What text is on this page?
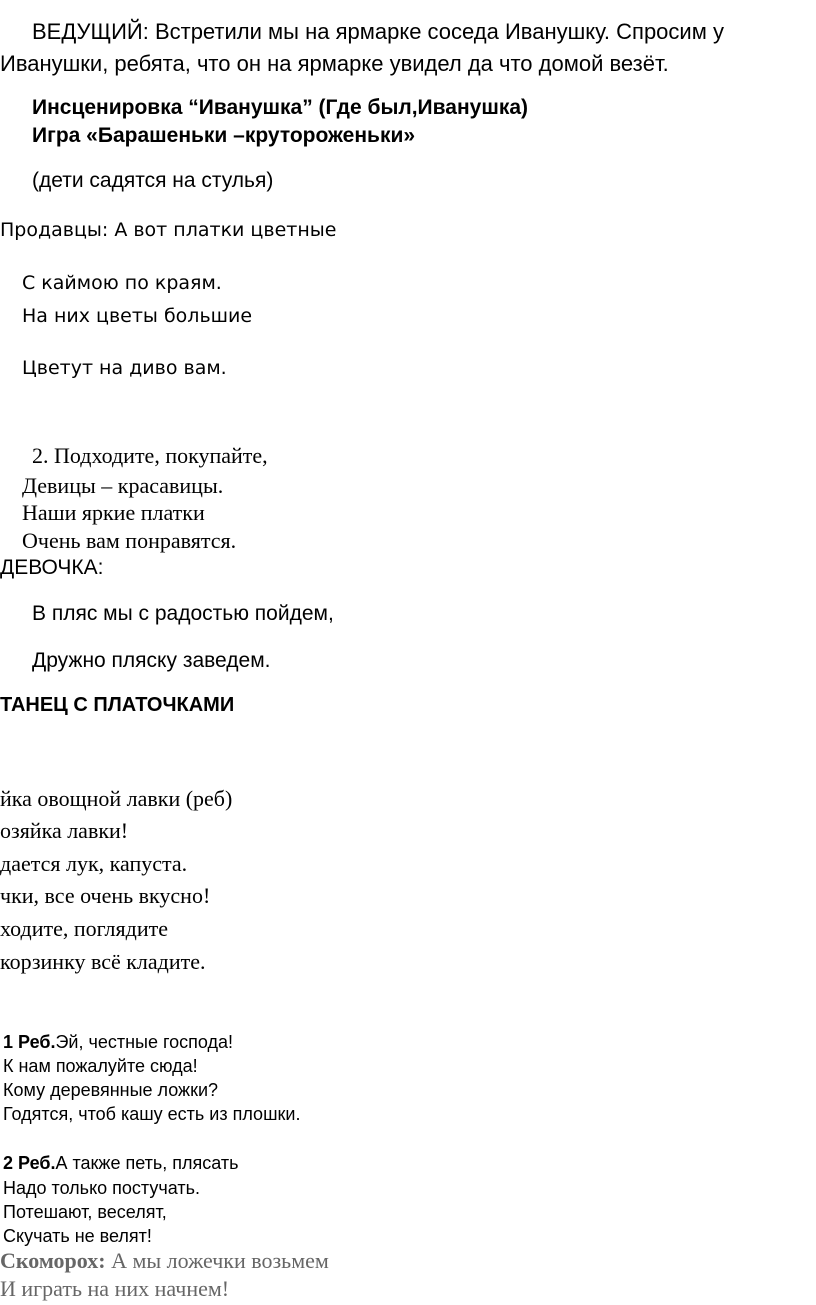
ВЕДУЩИЙ: Встретили мы на ярмарке соседа Иванушку. Спросим у

Иванушки, ребята, что он на ярмарке увидел да что домой везёт.

Инсценировка “Иванушка” (Где был,Иванушка)

Игра «Барашеньки –крутороженьки»

(дети садятся на стулья)

Продавцы: А вот платки цветные

С каймою по краям.

На них цветы большие

Цветут на диво вам.

2. Подходите, покупайте,

Девицы – красавицы.

Наши яркие платки

Очень вам понравятся.

ДЕВОЧКА:

В пляс мы с радостью пойдем,

Дружно пляску заведем.

ТАНЕЦ С ПЛАТОЧКАМИ

йка овощной лавки (реб)

озяйка лавки!

дается лук, капуста.

чки, все очень вкусно!

ходите, поглядите

корзинку всё кладите.

1 Реб.Эй, честные господа!

К нам пожалуйте сюда!

Кому деревянные ложки?

Годятся, чтоб кашу есть из плошки.

2 Реб.А также петь, плясать

Надо только постучать.

Потешают, веселят,

Скучать не велят!

Скоморох: А мы ложечки возьмем

И играть на них начнем!
